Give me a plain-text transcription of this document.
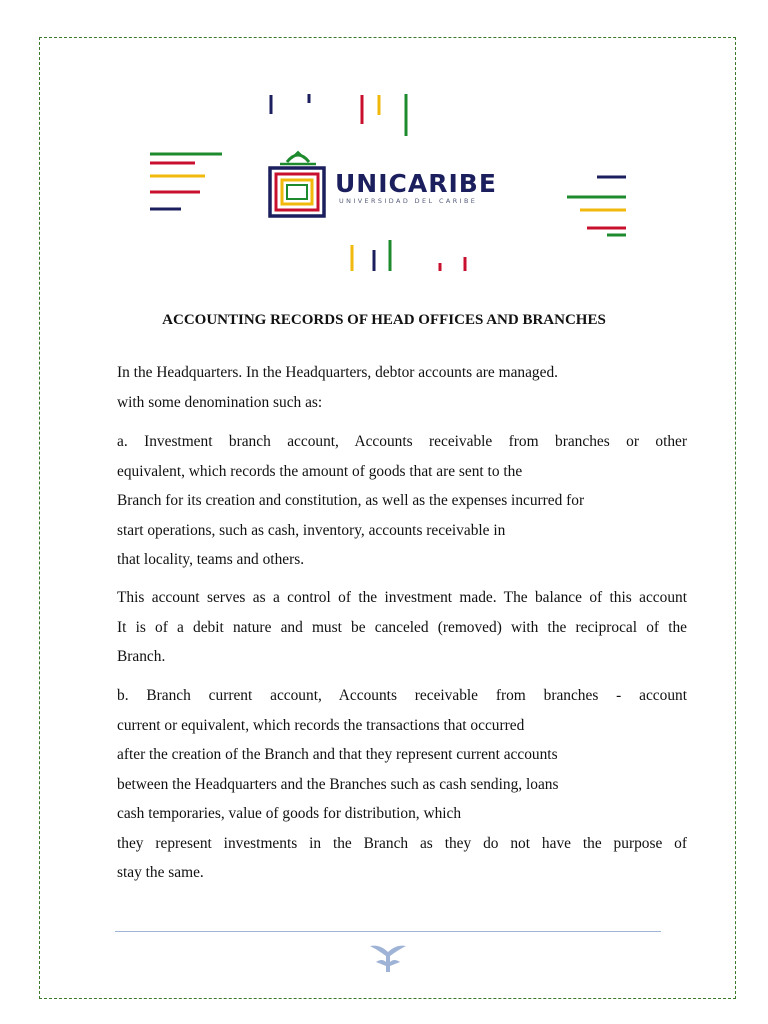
UNICARIBE
UNIVERSIDAD DEL CARIBE
ACCOUNTING RECORDS OF HEAD OFFICES AND BRANCHES
In the Headquarters. In the Headquarters, debtor accounts are managed.
with some denomination such as:
a. Investment branch account, Accounts receivable from branches or other
equivalent, which records the amount of goods that are sent to the
Branch for its creation and constitution, as well as the expenses incurred for
start operations, such as cash, inventory, accounts receivable in
that locality, teams and others.
This account serves as a control of the investment made. The balance of this account
It is of a debit nature and must be canceled (removed) with the reciprocal of the
Branch.
b. Branch current account, Accounts receivable from branches - account
current or equivalent, which records the transactions that occurred
after the creation of the Branch and that they represent current accounts
between the Headquarters and the Branches such as cash sending, loans
cash temporaries, value of goods for distribution, which
they represent investments in the Branch as they do not have the purpose of
stay the same.
